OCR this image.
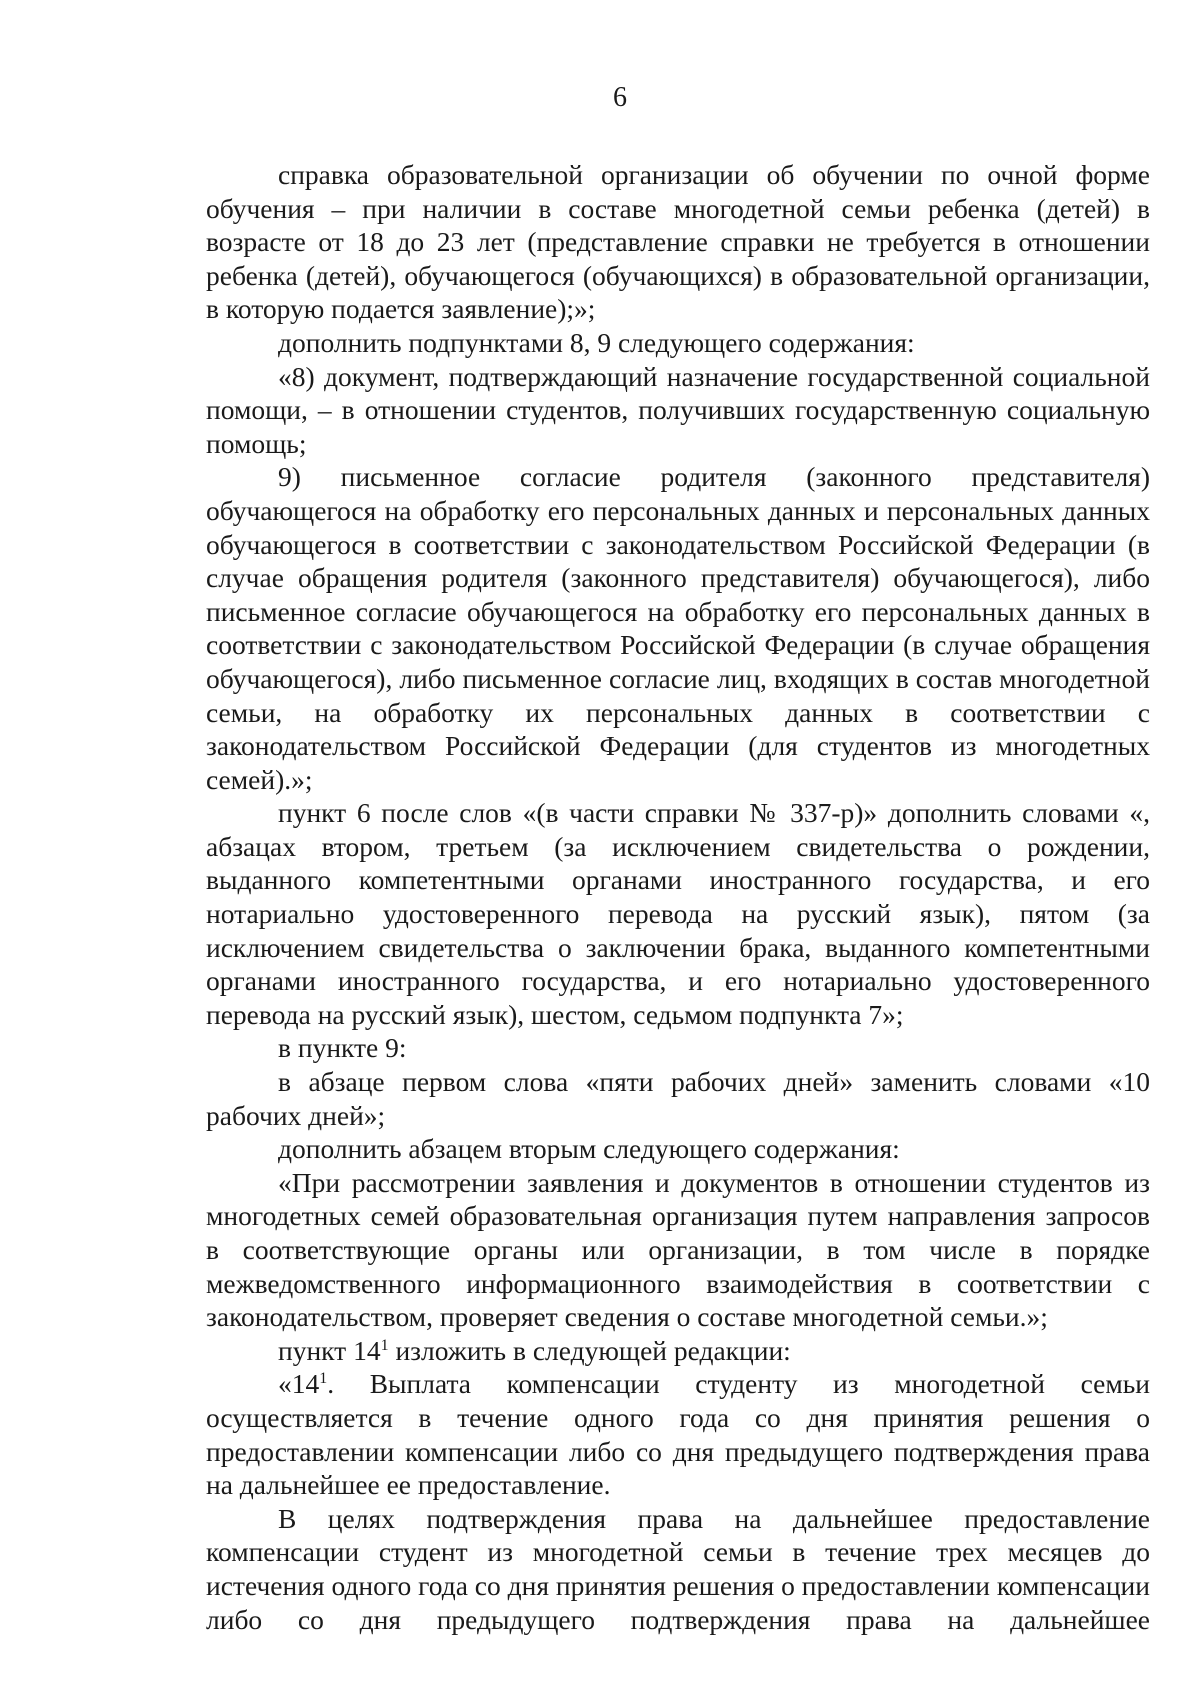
6

справка образовательной организации об обучении по очной форме обучения – при наличии в составе многодетной семьи ребенка (детей) в возрасте от 18 до 23 лет (представление справки не требуется в отношении ребенка (детей), обучающегося (обучающихся) в образовательной организации, в которую подается заявление);»;

дополнить подпунктами 8, 9 следующего содержания:

«8) документ, подтверждающий назначение государственной социальной помощи, – в отношении студентов, получивших государственную социальную помощь;

9) письменное согласие родителя (законного представителя) обучающегося на обработку его персональных данных и персональных данных обучающегося в соответствии с законодательством Российской Федерации (в случае обращения родителя (законного представителя) обучающегося), либо письменное согласие обучающегося на обработку его персональных данных в соответствии с законодательством Российской Федерации (в случае обращения обучающегося), либо письменное согласие лиц, входящих в состав многодетной семьи, на обработку их персональных данных в соответствии с законодательством Российской Федерации (для студентов из многодетных семей).»;

пункт 6 после слов «(в части справки № 337-р)» дополнить словами «, абзацах втором, третьем (за исключением свидетельства о рождении, выданного компетентными органами иностранного государства, и его нотариально удостоверенного перевода на русский язык), пятом (за исключением свидетельства о заключении брака, выданного компетентными органами иностранного государства, и его нотариально удостоверенного перевода на русский язык), шестом, седьмом подпункта 7»;

в пункте 9:

в абзаце первом слова «пяти рабочих дней» заменить словами «10 рабочих дней»;

дополнить абзацем вторым следующего содержания:

«При рассмотрении заявления и документов в отношении студентов из многодетных семей образовательная организация путем направления запросов в соответствующие органы или организации, в том числе в порядке межведомственного информационного взаимодействия в соответствии с законодательством, проверяет сведения о составе многодетной семьи.»;

пункт $14^1$ изложить в следующей редакции:

«$14^1$. Выплата компенсации студенту из многодетной семьи осуществляется в течение одного года со дня принятия решения о предоставлении компенсации либо со дня предыдущего подтверждения права на дальнейшее ее предоставление.

В целях подтверждения права на дальнейшее предоставление компенсации студент из многодетной семьи в течение трех месяцев до истечения одного года со дня принятия решения о предоставлении компенсации либо со дня предыдущего подтверждения права на дальнейшее
